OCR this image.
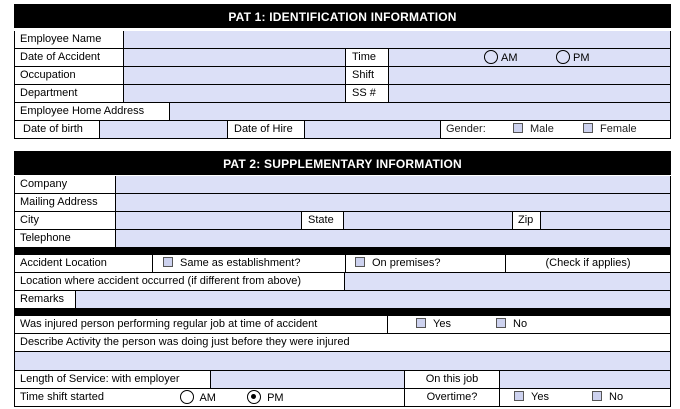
PAT 1: IDENTIFICATION INFORMATION
Employee Name
Date of Accident	Time	AM	PM
Occupation	Shift
Department	SS #
Employee Home Address
Date of birth	Date of Hire	Gender:	Male	Female
PAT 2: SUPPLEMENTARY INFORMATION
Company
Mailing Address
City	State	Zip
Telephone
Accident Location	Same as establishment?	On premises?	(Check if applies)
Location where accident occurred (if different from above)
Remarks
Was injured person performing regular job at time of accident	Yes	No
Describe Activity the person was doing just before they were injured
Length of Service: with employer	On this job
Time shift started	AM	PM	Overtime?	Yes	No
